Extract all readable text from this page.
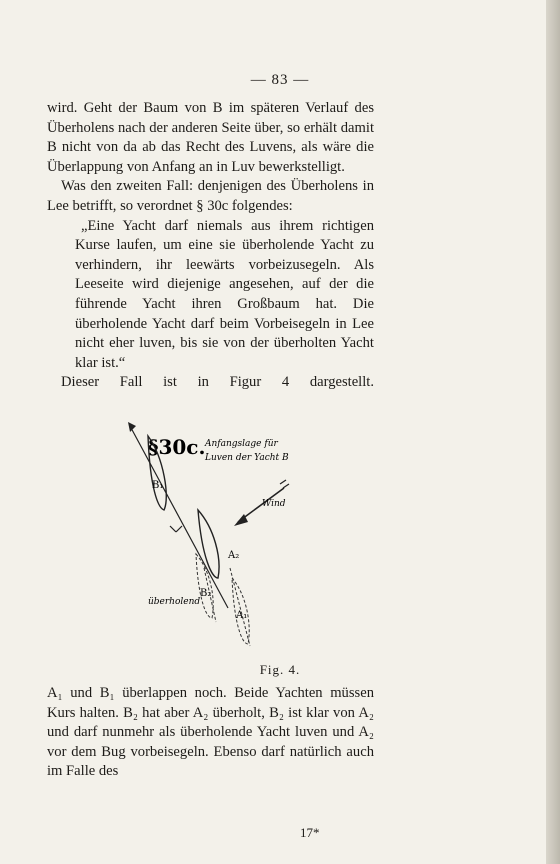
— 83 —

wird. Geht der Baum von B im späteren Verlauf des Überholens nach der anderen Seite über, so erhält damit B nicht von da ab das Recht des Luvens, als wäre die Überlappung von Anfang an in Luv bewerkstelligt.

Was den zweiten Fall: denjenigen des Überholens in Lee betrifft, so verordnet § 30c folgendes:

„Eine Yacht darf niemals aus ihrem richtigen Kurse laufen, um eine sie überholende Yacht zu verhindern, ihr leewärts vorbeizusegeln. Als Leeseite wird diejenige angesehen, auf der die führende Yacht ihren Großbaum hat. Die überholende Yacht darf beim Vorbeisegeln in Lee nicht eher luven, bis sie von der überholten Yacht klar ist.“

Dieser Fall ist in Figur 4 dargestellt.

§30c. Anfangslage für
Luven der Yacht B
B₁
A₂
B₂
A₁
Wind
überholend
Fig. 4.

A₁ und B₁ überlappen noch. Beide Yachten müssen Kurs halten. B₂ hat aber A₂ überholt, B₂ ist klar von A₂ und darf nunmehr als überholende Yacht luven und A₂ vor dem Bug vorbeisegeln. Ebenso darf natürlich auch im Falle des

17*
